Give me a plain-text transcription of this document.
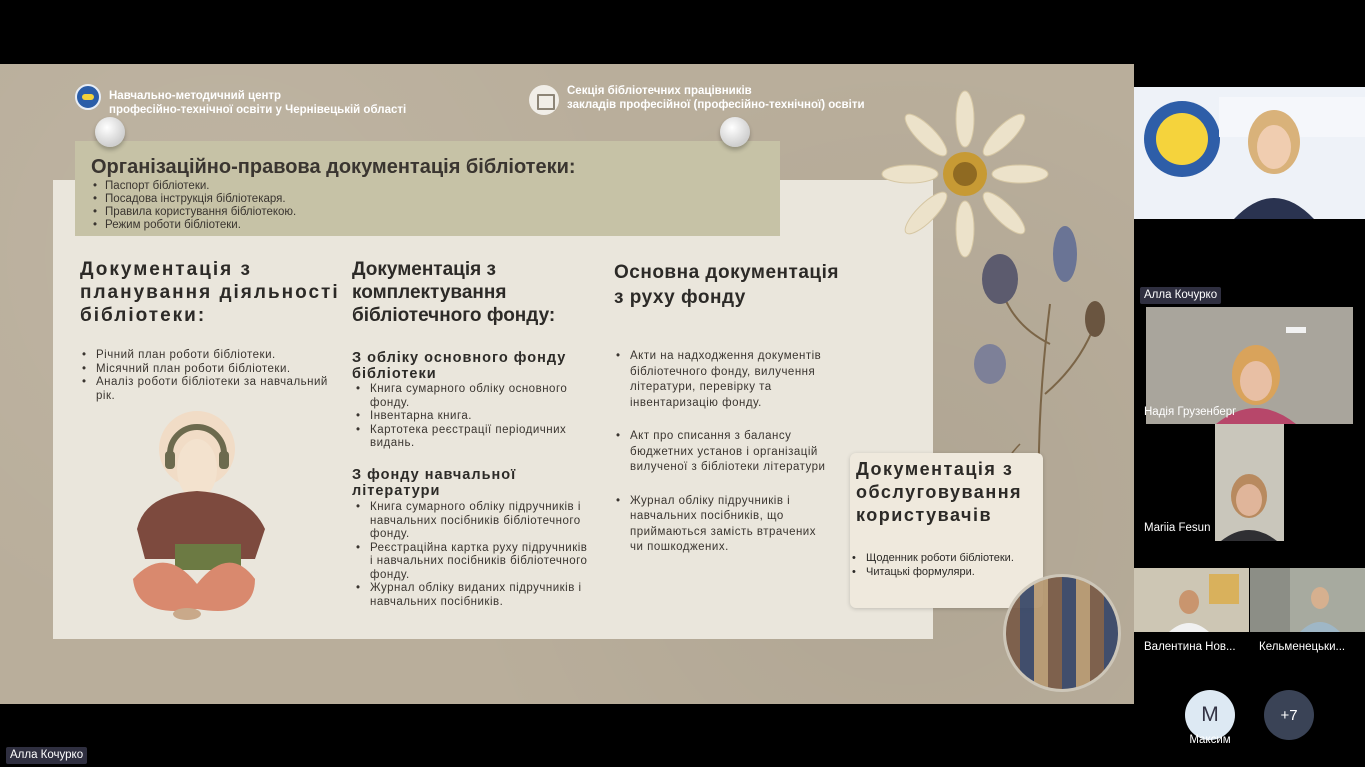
Навчально-методичний центр
професійно-технічної освіти у Чернівецькій області
Секція бібліотечних працівників
закладів професійної (професійно-технічної) освіти
Організаційно-правова документація бібліотеки:
• Паспорт бібліотеки.
• Посадова інструкція бібліотекаря.
• Правила користування бібліотекою.
• Режим роботи бібліотеки.
Документація з планування діяльності бібліотеки:
• Річний план роботи бібліотеки.
• Місячний план роботи бібліотеки.
• Аналіз роботи бібліотеки за навчальний рік.
Документація з комплектування бібліотечного фонду:
З обліку основного фонду бібліотеки
• Книга сумарного обліку основного фонду.
• Інвентарна книга.
• Картотека реєстрації періодичних видань.
З фонду навчальної літератури
• Книга сумарного обліку підручників і навчальних посібників бібліотечного фонду.
• Реєстраційна картка руху підручників і навчальних посібників бібліотечного фонду.
• Журнал обліку виданих підручників і навчальних посібників.
Основна документація з руху фонду
• Акти на надходження документів бібліотечного фонду, вилучення літератури, перевірку та інвентаризацію фонду.
• Акт про списання з балансу бюджетних установ і організацій вилученої з бібліотеки літератури
• Журнал обліку підручників і навчальних посібників, що приймаються замість втрачених чи пошкоджених.
Документація з обслуговування користувачів
• Щоденник роботи бібліотеки.
• Читацькі формуляри.
Алла Кочурко
Надія Грузенберг
Mariia Fesun
Валентина Нов...	Кельменецьки...
M
Максим
+7
Алла Кочурко
